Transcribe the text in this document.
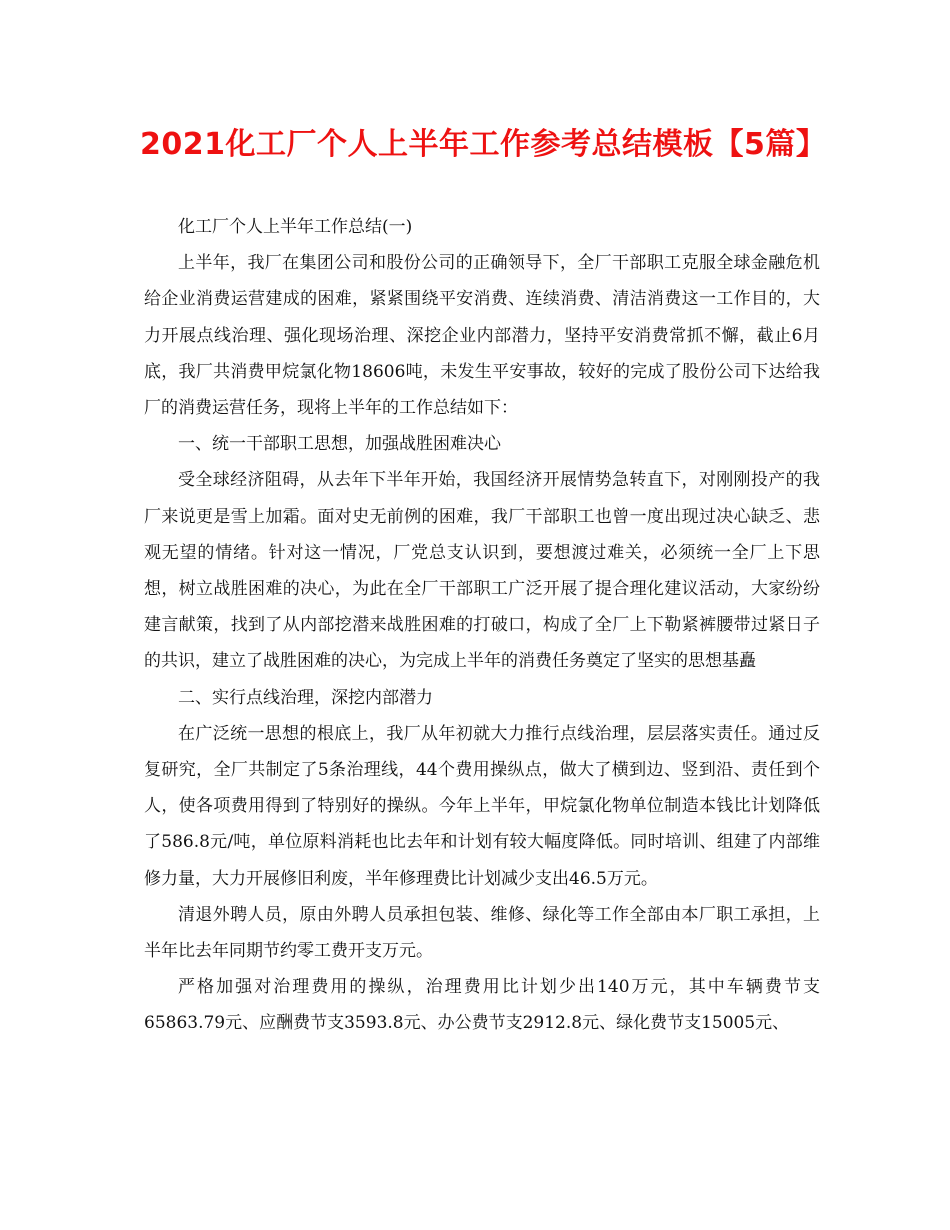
2021化工厂个人上半年工作参考总结模板【5篇】

化工厂个人上半年工作总结(一)

上半年，我厂在集团公司和股份公司的正确领导下，全厂干部职工克服全球金融危机给企业消费运营建成的困难，紧紧围绕平安消费、连续消费、清洁消费这一工作目的，大力开展点线治理、强化现场治理、深挖企业内部潜力，坚持平安消费常抓不懈，截止6月底，我厂共消费甲烷氯化物18606吨，未发生平安事故，较好的完成了股份公司下达给我厂的消费运营任务，现将上半年的工作总结如下：

一、统一干部职工思想，加强战胜困难决心

受全球经济阻碍，从去年下半年开始，我国经济开展情势急转直下，对刚刚投产的我厂来说更是雪上加霜。面对史无前例的困难，我厂干部职工也曾一度出现过决心缺乏、悲观无望的情绪。针对这一情况，厂党总支认识到，要想渡过难关，必须统一全厂上下思想，树立战胜困难的决心，为此在全厂干部职工广泛开展了提合理化建议活动，大家纷纷建言献策，找到了从内部挖潜来战胜困难的打破口，构成了全厂上下勒紧裤腰带过紧日子的共识，建立了战胜困难的决心，为完成上半年的消费任务奠定了坚实的思想基矗

二、实行点线治理，深挖内部潜力

在广泛统一思想的根底上，我厂从年初就大力推行点线治理，层层落实责任。通过反复研究，全厂共制定了5条治理线，44个费用操纵点，做大了横到边、竖到沿、责任到个人，使各项费用得到了特别好的操纵。今年上半年，甲烷氯化物单位制造本钱比计划降低了586.8元/吨，单位原料消耗也比去年和计划有较大幅度降低。同时培训、组建了内部维修力量，大力开展修旧利废，半年修理费比计划减少支出46.5万元。

清退外聘人员，原由外聘人员承担包装、维修、绿化等工作全部由本厂职工承担，上半年比去年同期节约零工费开支万元。

严格加强对治理费用的操纵，治理费用比计划少出140万元，其中车辆费节支65863.79元、应酬费节支3593.8元、办公费节支2912.8元、绿化费节支15005元、
